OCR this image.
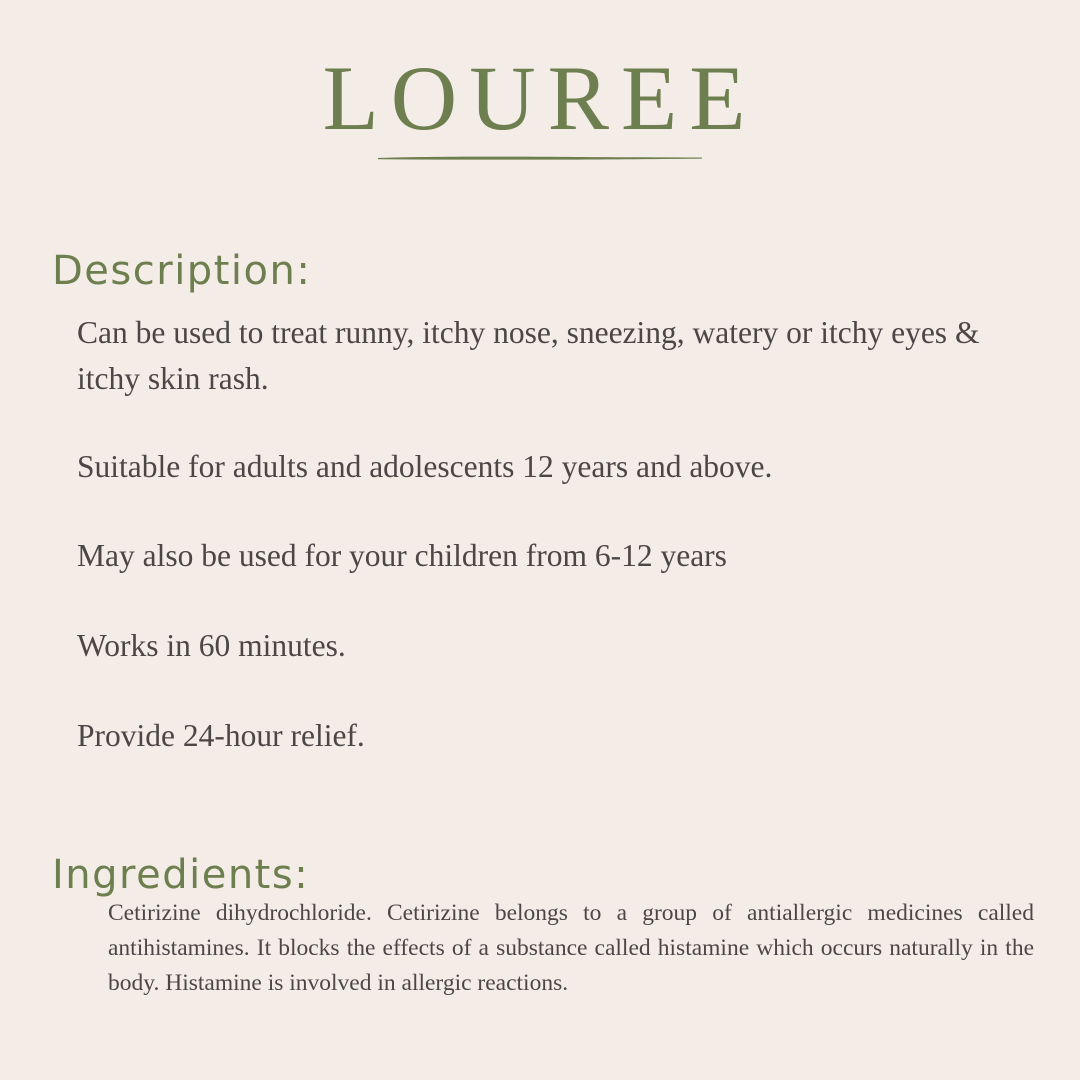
LOUREE
Description:

Can be used to treat runny, itchy nose, sneezing, watery or itchy eyes & itchy skin rash.

Suitable for adults and adolescents 12 years and above.

May also be used for your children from 6-12 years

Works in 60 minutes.

Provide 24-hour relief.

Ingredients:

Cetirizine dihydrochloride. Cetirizine belongs to a group of antiallergic medicines called antihistamines. It blocks the effects of a substance called histamine which occurs naturally in the body. Histamine is involved in allergic reactions.
